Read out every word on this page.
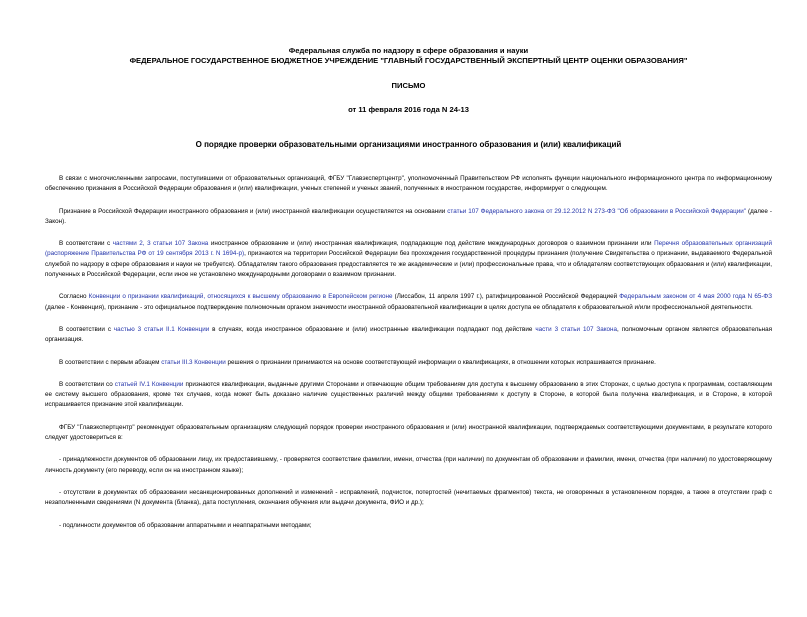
Федеральная служба по надзору в сфере образования и науки
ФЕДЕРАЛЬНОЕ ГОСУДАРСТВЕННОЕ БЮДЖЕТНОЕ УЧРЕЖДЕНИЕ "ГЛАВНЫЙ ГОСУДАРСТВЕННЫЙ ЭКСПЕРТНЫЙ ЦЕНТР ОЦЕНКИ ОБРАЗОВАНИЯ"
ПИСЬМО
от 11 февраля 2016 года N 24-13
О порядке проверки образовательными организациями иностранного образования и (или) квалификаций

В связи с многочисленными запросами, поступившими от образовательных организаций, ФГБУ "Главэкспертцентр", уполномоченный Правительством РФ исполнять функции национального информационного центра по информационному обеспечению признания в Российской Федерации образования и (или) квалификации, ученых степеней и ученых званий, полученных в иностранном государстве, информирует о следующем.

Признание в Российской Федерации иностранного образования и (или) иностранной квалификации осуществляется на основании статьи 107 Федерального закона от 29.12.2012 N 273-ФЗ "Об образовании в Российской Федерации" (далее - Закон).

В соответствии с частями 2, 3 статьи 107 Закона иностранное образование и (или) иностранная квалификация, подпадающие под действие международных договоров о взаимном признании или Перечня образовательных организаций (распоряжение Правительства РФ от 19 сентября 2013 г. N 1694-р), признаются на территории Российской Федерации без прохождения государственной процедуры признания (получение Свидетельства о признании, выдаваемого Федеральной службой по надзору в сфере образования и науки не требуется). Обладателям такого образования предоставляется те же академические и (или) профессиональные права, что и обладателям соответствующих образования и (или) квалификации, полученных в Российской Федерации, если иное не установлено международными договорами о взаимном признании.

Согласно Конвенции о признании квалификаций, относящихся к высшему образованию в Европейском регионе (Лиссабон, 11 апреля 1997 г.), ратифицированной Российской Федерацией Федеральным законом от 4 мая 2000 года N 65-ФЗ (далее - Конвенция), признание - это официальное подтверждение полномочным органом значимости иностранной образовательной квалификации в целях доступа ее обладателя к образовательной и/или профессиональной деятельности.

В соответствии с частью 3 статьи II.1 Конвенции в случаях, когда иностранное образование и (или) иностранные квалификации подпадают под действие части 3 статьи 107 Закона, полномочным органом является образовательная организация.

В соответствии с первым абзацем статьи III.3 Конвенции решения о признании принимаются на основе соответствующей информации о квалификациях, в отношении которых испрашивается признание.

В соответствии со статьей IV.1 Конвенции признаются квалификации, выданные другими Сторонами и отвечающие общим требованиям для доступа к высшему образованию в этих Сторонах, с целью доступа к программам, составляющим ее систему высшего образования, кроме тех случаев, когда может быть доказано наличие существенных различий между общими требованиями к доступу в Стороне, в которой была получена квалификация, и в Стороне, в которой испрашивается признание этой квалификации.

ФГБУ "Главэкспертцентр" рекомендует образовательным организациям следующий порядок проверки иностранного образования и (или) иностранной квалификации, подтверждаемых соответствующими документами, в результате которого следует удостовериться в:

- принадлежности документов об образовании лицу, их предоставившему, - проверяется соответствие фамилии, имени, отчества (при наличии) по документам об образовании и фамилии, имени, отчества (при наличии) по удостоверяющему личность документу (его переводу, если он на иностранном языке);

- отсутствии в документах об образовании несанкционированных дополнений и изменений - исправлений, подчисток, потертостей (нечитаемых фрагментов) текста, не оговоренных в установленном порядке, а также в отсутствии граф с незаполненными сведениями (N документа (бланка), дата поступления, окончания обучения или выдачи документа, ФИО и др.);

- подлинности документов об образовании аппаратными и неаппаратными методами;
